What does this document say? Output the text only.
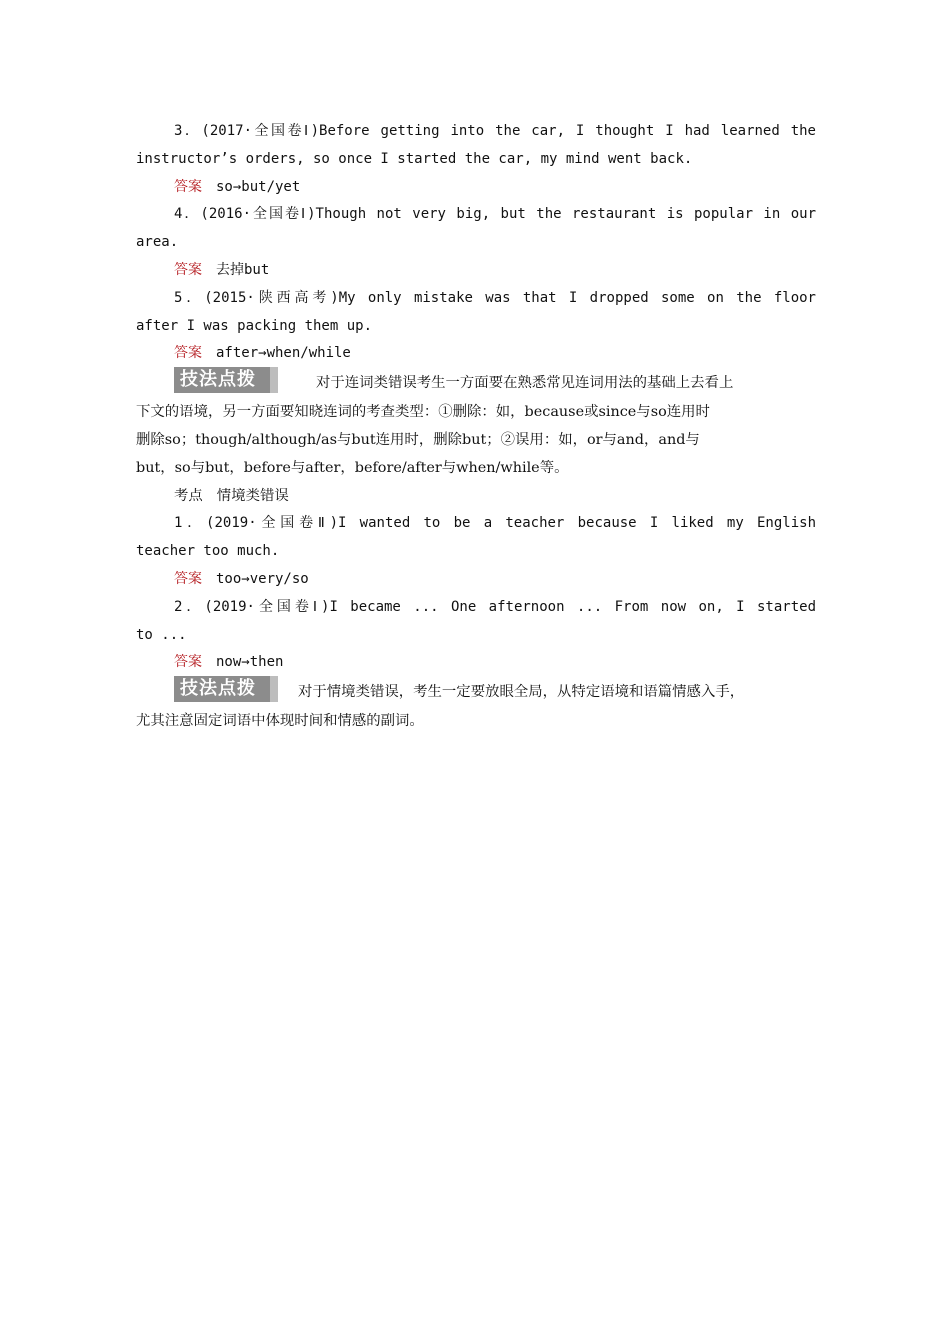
3．(2017·全国卷Ⅰ)Before getting into the car, I thought I had learned the
instructor’s orders, so once I started the car, my mind went back.
答案 so→but/yet
4．(2016·全国卷Ⅰ)Though not very big, but the restaurant is popular in our
area.
答案 去掉but
5．(2015·陕西高考)My only mistake was that I dropped some on the floor
after I was packing them up.
答案 after→when/while
技法点拨	对于连词类错误考生一方面要在熟悉常见连词用法的基础上去看上
下文的语境，另一方面要知晓连词的考查类型：①删除：如，because或since与so连用时
删除so；though/although/as与but连用时，删除but；②误用：如，or与and，and与
but，so与but，before与after，before/after与when/while等。
考点 情境类错误
1．(2019·全国卷Ⅱ)I wanted to be a teacher because I liked my English
teacher too much.
答案 too→very/so
2．(2019·全国卷Ⅰ)I became ... One afternoon ... From now on, I started
to ...
答案 now→then
技法点拨	对于情境类错误，考生一定要放眼全局，从特定语境和语篇情感入手，
尤其注意固定词语中体现时间和情感的副词。
